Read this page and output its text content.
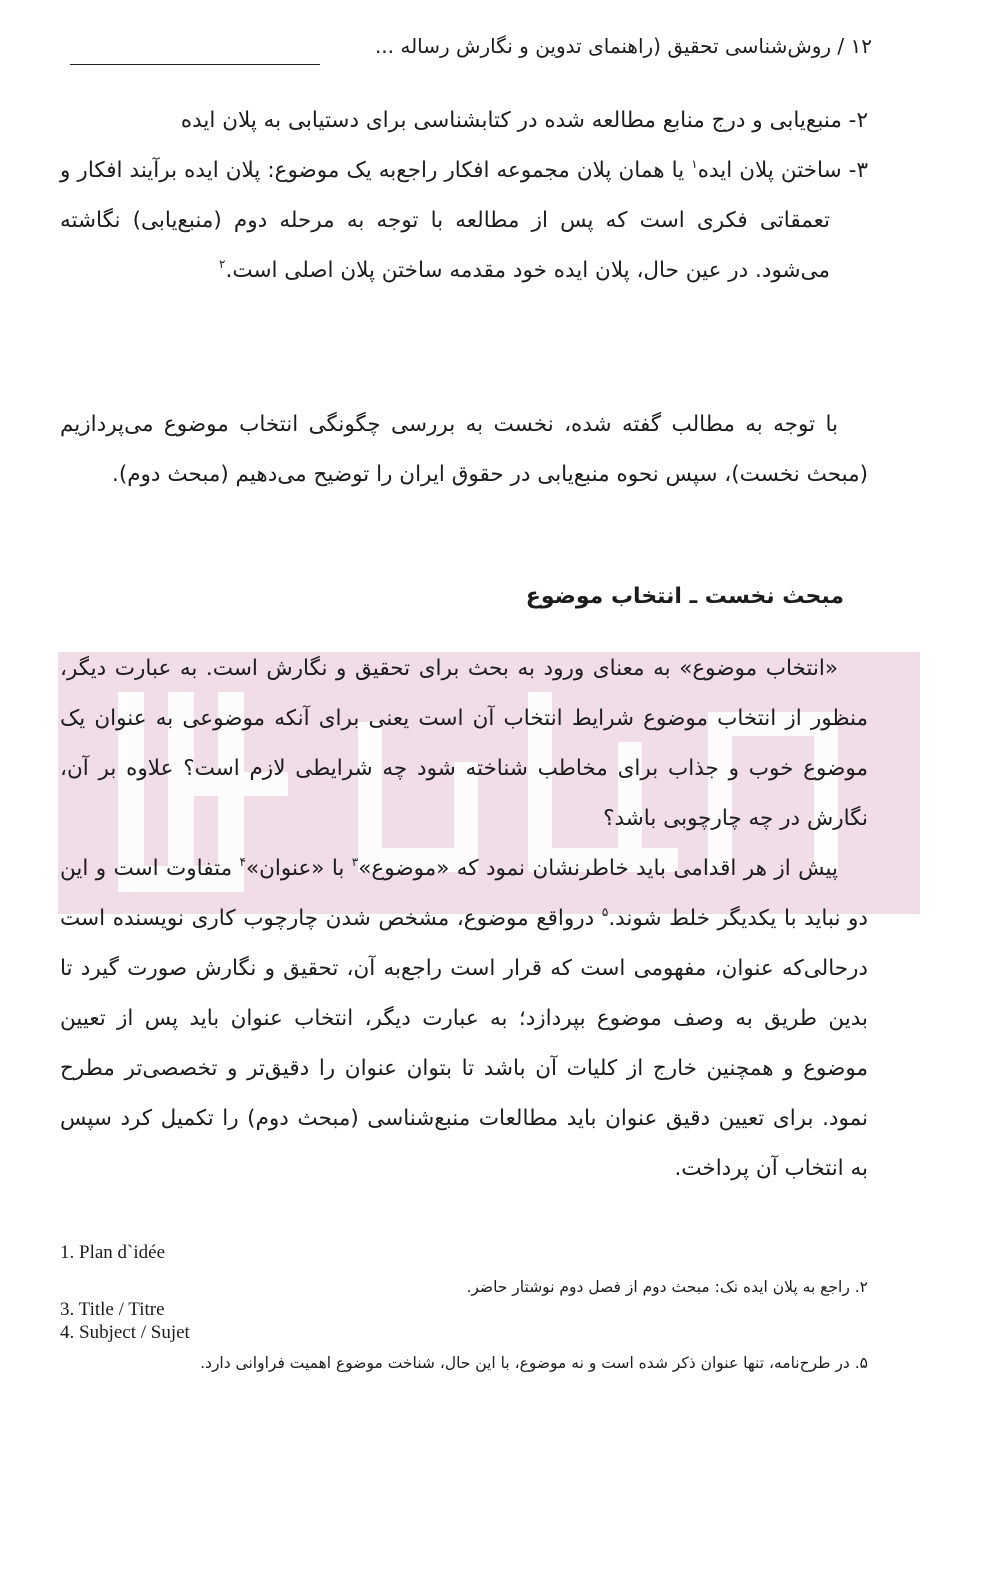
۱۲ / روش‌شناسی تحقیق (راهنمای تدوین و نگارش رساله ...

۲- منبع‌یابی و درج منابع مطالعه شده در کتابشناسی برای دستیابی به پلان ایده

۳- ساختن پلان ایده$^۱$ یا همان پلان مجموعه افکار راجع‌به یک موضوع: پلان ایده برآیند افکار و تعمقاتی فکری است که پس از مطالعه با توجه به مرحله دوم (منبع‌یابی) نگاشته می‌شود. در عین حال، پلان ایده خود مقدمه ساختن پلان اصلی است.$^۲$

با توجه به مطالب گفته شده، نخست به بررسی چگونگی انتخاب موضوع می‌پردازیم (مبحث نخست)، سپس نحوه منبع‌یابی در حقوق ایران را توضیح می‌دهیم (مبحث دوم).

مبحث نخست ـ انتخاب موضوع

«انتخاب موضوع» به معنای ورود به بحث برای تحقیق و نگارش است. به عبارت دیگر، منظور از انتخاب موضوع شرایط انتخاب آن است یعنی برای آنکه موضوعی به عنوان یک موضوع خوب و جذاب برای مخاطب شناخته شود چه شرایطی لازم است؟ علاوه بر آن، نگارش در چه چارچوبی باشد؟

پیش از هر اقدامی باید خاطرنشان نمود که «موضوع»$^۳$ با «عنوان»$^۴$ متفاوت است و این دو نباید با یکدیگر خلط شوند.$^۵$ درواقع موضوع، مشخص شدن چارچوب کاری نویسنده است درحالی‌که عنوان، مفهومی است که قرار است راجع‌به آن، تحقیق و نگارش صورت گیرد تا بدین طریق به وصف موضوع بپردازد؛ به عبارت دیگر، انتخاب عنوان باید پس از تعیین موضوع و همچنین خارج از کلیات آن باشد تا بتوان عنوان را دقیق‌تر و تخصصی‌تر مطرح نمود. برای تعیین دقیق عنوان باید مطالعات منبع‌شناسی (مبحث دوم) را تکمیل کرد سپس به انتخاب آن پرداخت.

1. Plan d`idée
۲. راجع به پلان ایده نک: مبحث دوم از فصل دوم نوشتار حاضر.
3. Title / Titre
4. Subject / Sujet
۵. در طرح‌نامه، تنها عنوان ذکر شده است و نه موضوع، با این حال، شناخت موضوع اهمیت فراوانی دارد.
